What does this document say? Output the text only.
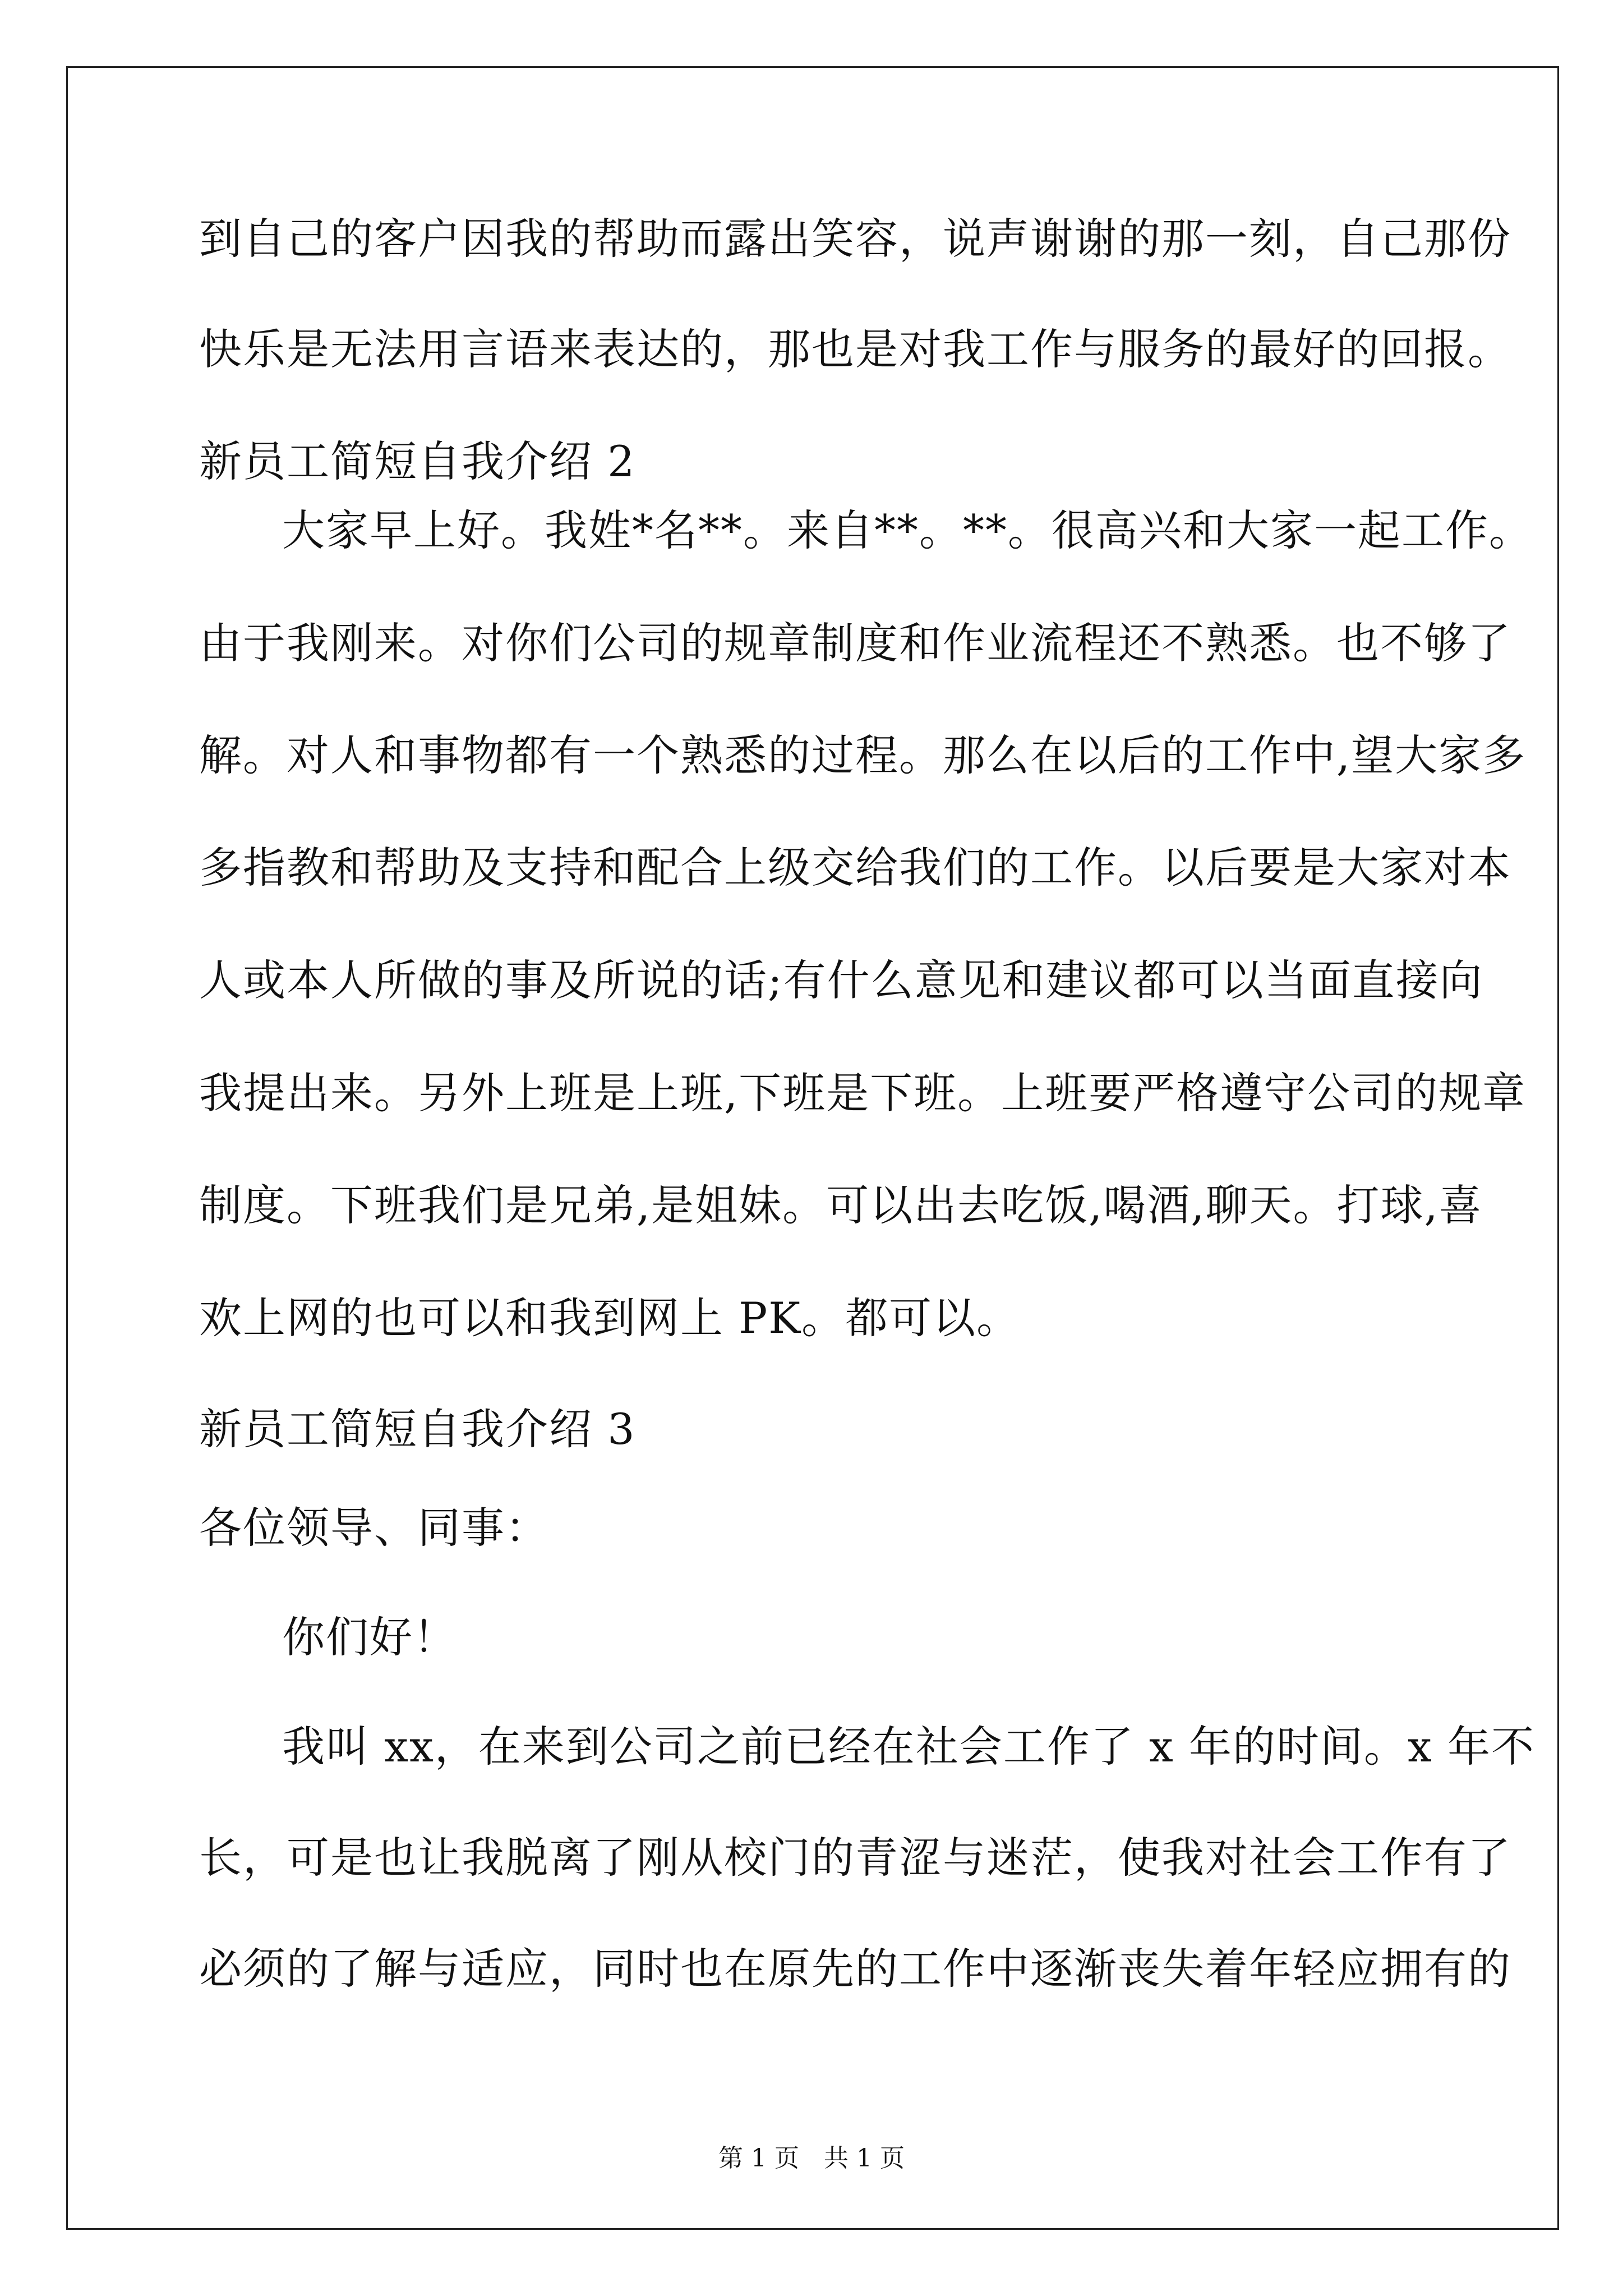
到自己的客户因我的帮助而露出笑容，说声谢谢的那一刻，自己那份
快乐是无法用言语来表达的，那也是对我工作与服务的最好的回报。
新员工简短自我介绍 2
大家早上好。我姓*名**。来自**。**。很高兴和大家一起工作。
由于我刚来。对你们公司的规章制度和作业流程还不熟悉。也不够了
解。对人和事物都有一个熟悉的过程。那么在以后的工作中,望大家多
多指教和帮助及支持和配合上级交给我们的工作。以后要是大家对本
人或本人所做的事及所说的话;有什么意见和建议都可以当面直接向
我提出来。另外上班是上班,下班是下班。上班要严格遵守公司的规章
制度。下班我们是兄弟,是姐妹。可以出去吃饭,喝酒,聊天。打球,喜
欢上网的也可以和我到网上 PK。都可以。
新员工简短自我介绍 3
各位领导、同事：
你们好！
我叫 xx，在来到公司之前已经在社会工作了 x 年的时间。x 年不
长，可是也让我脱离了刚从校门的青涩与迷茫，使我对社会工作有了
必须的了解与适应，同时也在原先的工作中逐渐丧失着年轻应拥有的
第 1 页　共 1 页
